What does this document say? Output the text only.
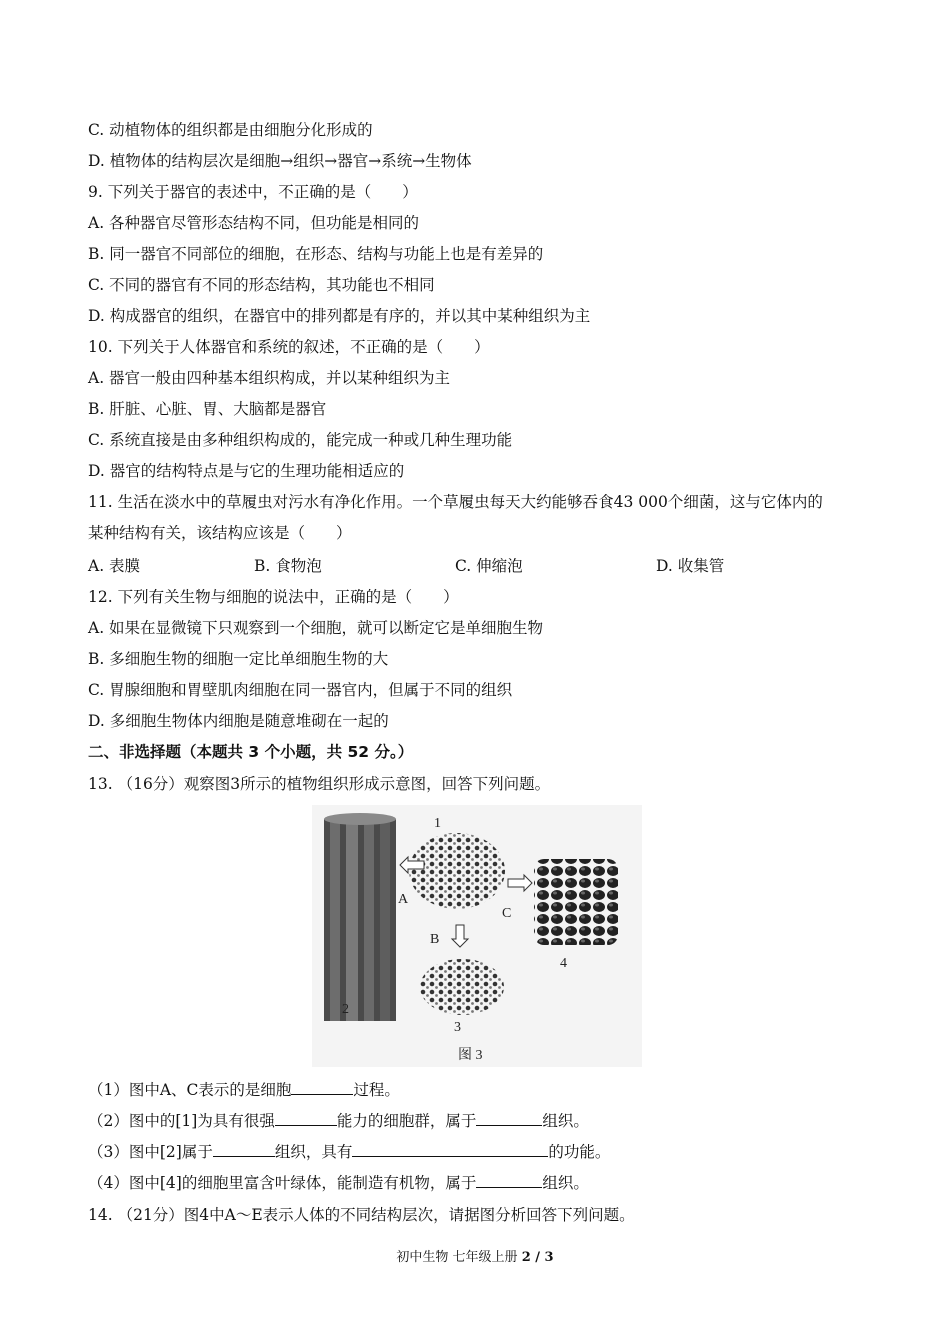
C. 动植物体的组织都是由细胞分化形成的
D. 植物体的结构层次是细胞→组织→器官→系统→生物体
9. 下列关于器官的表述中，不正确的是（　　）
A. 各种器官尽管形态结构不同，但功能是相同的
B. 同一器官不同部位的细胞，在形态、结构与功能上也是有差异的
C. 不同的器官有不同的形态结构，其功能也不相同
D. 构成器官的组织，在器官中的排列都是有序的，并以其中某种组织为主
10. 下列关于人体器官和系统的叙述，不正确的是（　　）
A. 器官一般由四种基本组织构成，并以某种组织为主
B. 肝脏、心脏、胃、大脑都是器官
C. 系统直接是由多种组织构成的，能完成一种或几种生理功能
D. 器官的结构特点是与它的生理功能相适应的
11. 生活在淡水中的草履虫对污水有净化作用。一个草履虫每天大约能够吞食43 000个细菌，这与它体内的
某种结构有关，该结构应该是（　　）
A. 表膜	B. 食物泡	C. 伸缩泡	D. 收集管
12. 下列有关生物与细胞的说法中，正确的是（　　）
A. 如果在显微镜下只观察到一个细胞，就可以断定它是单细胞生物
B. 多细胞生物的细胞一定比单细胞生物的大
C. 胃腺细胞和胃壁肌肉细胞在同一器官内，但属于不同的组织
D. 多细胞生物体内细胞是随意堆砌在一起的
二、非选择题（本题共 3 个小题，共 52 分。）
13. （16分）观察图3所示的植物组织形成示意图，回答下列问题。
1
A
C
B
4
2
3
图 3
（1）图中A、C表示的是细胞	过程。
（2）图中的[1]为具有很强	能力的细胞群，属于	组织。
（3）图中[2]属于	组织，具有	的功能。
（4）图中[4]的细胞里富含叶绿体，能制造有机物，属于	组织。
14. （21分）图4中A～E表示人体的不同结构层次，请据图分析回答下列问题。
初中生物 七年级上册 2 / 3
